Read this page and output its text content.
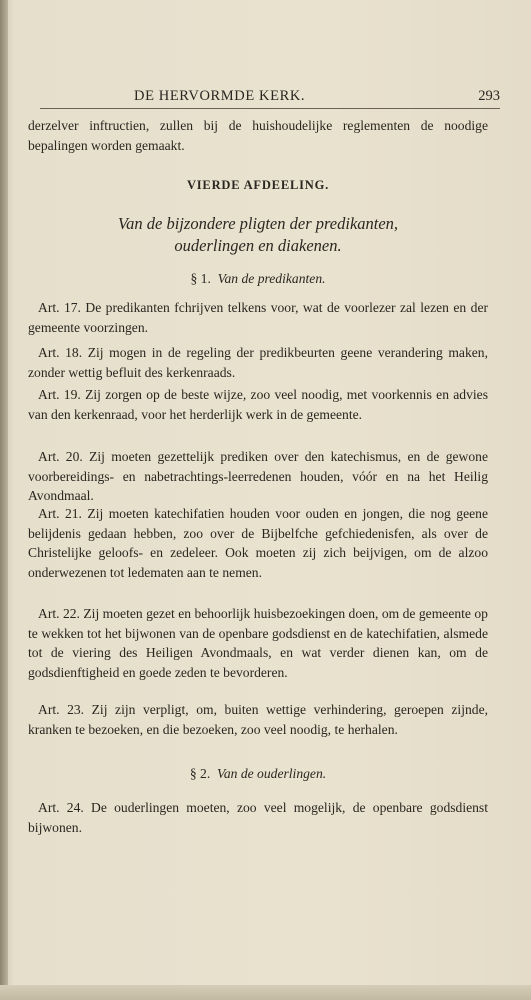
DE HERVORMDE KERK.	293

derzelver inftructien, zullen bij de huishoudelijke reglementen de noodige bepalingen worden gemaakt.

VIERDE AFDEELING.
Van de bijzondere pligten der predikanten,
ouderlingen en diakenen.
§ 1. Van de predikanten.

Art. 17. De predikanten fchrijven telkens voor, wat de voorlezer zal lezen en der gemeente voorzingen.

Art. 18. Zij mogen in de regeling der predikbeurten geene verandering maken, zonder wettig befluit des kerkenraads.

Art. 19. Zij zorgen op de beste wijze, zoo veel noodig, met voorkennis en advies van den kerkenraad, voor het herderlijk werk in de gemeente.

Art. 20. Zij moeten gezettelijk prediken over den katechismus, en de gewone voorbereidings- en nabetrachtings-leerredenen houden, vóór en na het Heilig Avondmaal.

Art. 21. Zij moeten katechifatien houden voor ouden en jongen, die nog geene belijdenis gedaan hebben, zoo over de Bijbelfche gefchiedenisfen, als over de Christelijke geloofs- en zedeleer. Ook moeten zij zich beijvigen, om de alzoo onderwezenen tot ledematen aan te nemen.

Art. 22. Zij moeten gezet en behoorlijk huisbezoekingen doen, om de gemeente op te wekken tot het bijwonen van de openbare godsdienst en de katechifatien, alsmede tot de viering des Heiligen Avondmaals, en wat verder dienen kan, om de godsdienftigheid en goede zeden te bevorderen.

Art. 23. Zij zijn verpligt, om, buiten wettige verhindering, geroepen zijnde, kranken te bezoeken, en die bezoeken, zoo veel noodig, te herhalen.

§ 2. Van de ouderlingen.

Art. 24. De ouderlingen moeten, zoo veel mogelijk, de openbare godsdienst bijwonen.
